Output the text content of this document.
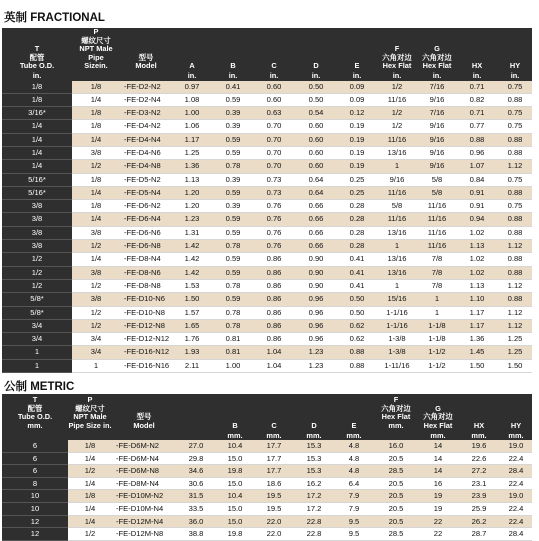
英制 FRACTIONAL
T
配管
Tube O.D.	P
螺纹尺寸
NPT Male
Pipe
Sizein.	型号
Model	A	B	C	D	E	F
六角对边
Hex Flat	G
六角对边
Hex Flat	HX	HY
in.			in.	in.	in.	in.	in.	in.	in.	in.	in.
1/8	1/8	-FE-D2-N2	0.97	0.41	0.60	0.50	0.09	1/2	7/16	0.71	0.75
1/8	1/4	-FE-D2-N4	1.08	0.59	0.60	0.50	0.09	11/16	9/16	0.82	0.88
3/16*	1/8	-FE-D3-N2	1.00	0.39	0.63	0.54	0.12	1/2	7/16	0.71	0.75
1/4	1/8	-FE-D4-N2	1.06	0.39	0.70	0.60	0.19	1/2	9/16	0.77	0.75
1/4	1/4	-FE-D4-N4	1.17	0.59	0.70	0.60	0.19	11/16	9/16	0.88	0.88
1/4	3/8	-FE-D4-N6	1.25	0.59	0.70	0.60	0.19	13/16	9/16	0.96	0.88
1/4	1/2	-FE-D4-N8	1.36	0.78	0.70	0.60	0.19	1	9/16	1.07	1.12
5/16*	1/8	-FE-D5-N2	1.13	0.39	0.73	0.64	0.25	9/16	5/8	0.84	0.75
5/16*	1/4	-FE-D5-N4	1.20	0.59	0.73	0.64	0.25	11/16	5/8	0.91	0.88
3/8	1/8	-FE-D6-N2	1.20	0.39	0.76	0.66	0.28	5/8	11/16	0.91	0.75
3/8	1/4	-FE-D6-N4	1.23	0.59	0.76	0.66	0.28	11/16	11/16	0.94	0.88
3/8	3/8	-FE-D6-N6	1.31	0.59	0.76	0.66	0.28	13/16	11/16	1.02	0.88
3/8	1/2	-FE-D6-N8	1.42	0.78	0.76	0.66	0.28	1	11/16	1.13	1.12
1/2	1/4	-FE-D8-N4	1.42	0.59	0.86	0.90	0.41	13/16	7/8	1.02	0.88
1/2	3/8	-FE-D8-N6	1.42	0.59	0.86	0.90	0.41	13/16	7/8	1.02	0.88
1/2	1/2	-FE-D8-N8	1.53	0.78	0.86	0.90	0.41	1	7/8	1.13	1.12
5/8*	3/8	-FE-D10-N6	1.50	0.59	0.86	0.96	0.50	15/16	1	1.10	0.88
5/8*	1/2	-FE-D10-N8	1.57	0.78	0.86	0.96	0.50	1-1/16	1	1.17	1.12
3/4	1/2	-FE-D12-N8	1.65	0.78	0.86	0.96	0.62	1-1/16	1-1/8	1.17	1.12
3/4	3/4	-FE-D12-N12	1.76	0.81	0.86	0.96	0.62	1-3/8	1-1/8	1.36	1.25
1	3/4	-FE-D16-N12	1.93	0.81	1.04	1.23	0.88	1-3/8	1-1/2	1.45	1.25
1	1	-FE-D16-N16	2.11	1.00	1.04	1.23	0.88	1-11/16	1-1/2	1.50	1.50
公制 METRIC
T
配管
Tube O.D.
mm.	P
螺纹尺寸
NPT Male
Pipe Size in.	型号
Model		B	C	D	E	F
六角对边
Hex Flat
mm.	G
六角对边
Hex Flat	HX	HY
				mm.	mm.	mm.	mm.		mm.	mm.	mm.
6	1/8	-FE-D6M-N2	27.0	10.4	17.7	15.3	4.8	16.0	14	19.6	19.0
6	1/4	-FE-D6M-N4	29.8	15.0	17.7	15.3	4.8	20.5	14	22.6	22.4
6	1/2	-FE-D6M-N8	34.6	19.8	17.7	15.3	4.8	28.5	14	27.2	28.4
8	1/4	-FE-D8M-N4	30.6	15.0	18.6	16.2	6.4	20.5	16	23.1	22.4
10	1/8	-FE-D10M-N2	31.5	10.4	19.5	17.2	7.9	20.5	19	23.9	19.0
10	1/4	-FE-D10M-N4	33.5	15.0	19.5	17.2	7.9	20.5	19	25.9	22.4
12	1/4	-FE-D12M-N4	36.0	15.0	22.0	22.8	9.5	20.5	22	26.2	22.4
12	1/2	-FE-D12M-N8	38.8	19.8	22.0	22.8	9.5	28.5	22	28.7	28.4
